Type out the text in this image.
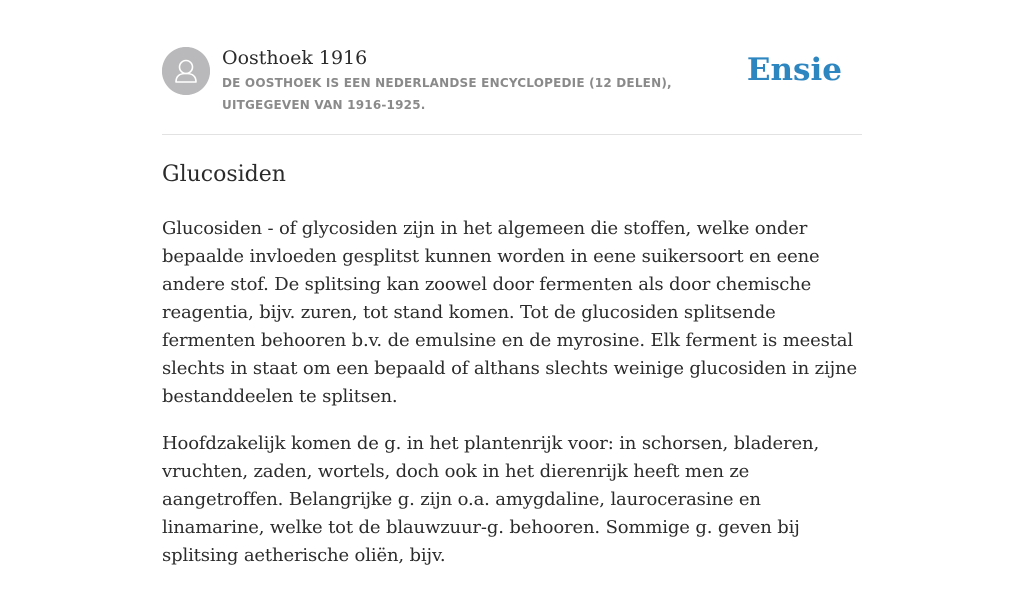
Oosthoek 1916

DE OOSTHOEK IS EEN NEDERLANDSE ENCYCLOPEDIE (12 DELEN), UITGEGEVEN VAN 1916-1925.

Ensie
Glucosiden

Glucosiden - of glycosiden zijn in het algemeen die stoffen, welke onder bepaalde invloeden gesplitst kunnen worden in eene suikersoort en eene andere stof. De splitsing kan zoowel door fermenten als door chemische reagentia, bijv. zuren, tot stand komen. Tot de glucosiden splitsende fermenten behooren b.v. de emulsine en de myrosine. Elk ferment is meestal slechts in staat om een bepaald of althans slechts weinige glucosiden in zijne bestanddeelen te splitsen.

Hoofdzakelijk komen de g. in het plantenrijk voor: in schorsen, bladeren, vruchten, zaden, wortels, doch ook in het dierenrijk heeft men ze aangetroffen. Belangrijke g. zijn o.a. amygdaline, laurocerasine en linamarine, welke tot de blauwzuur-g. behooren. Sommige g. geven bij splitsing aetherische oliën, bijv.
